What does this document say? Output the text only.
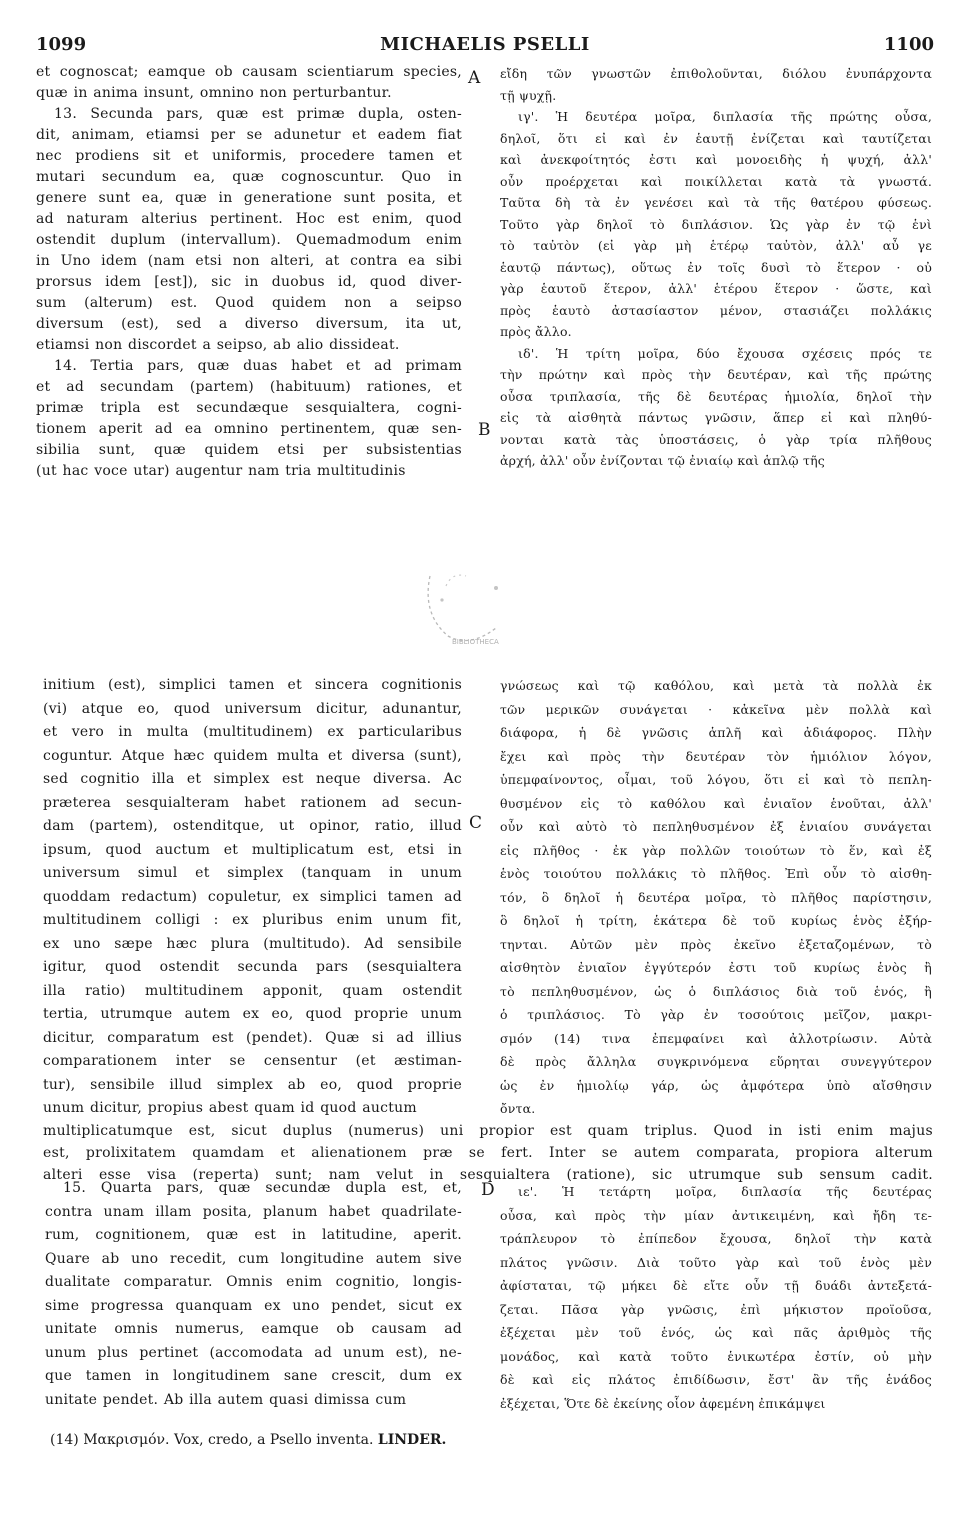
1099	MICHAELIS PSELLI	1100
et cognoscat; eamque ob causam scientiarum species,
quæ in anima insunt, omnino non perturbantur.
13. Secunda pars, quæ est primæ dupla, osten-
dit, animam, etiamsi per se adunetur et eadem fiat
nec prodiens sit et uniformis, procedere tamen et
mutari secundum ea, quæ cognoscuntur. Quo in
genere sunt ea, quæ in generatione sunt posita, et
ad naturam alterius pertinent. Hoc est enim, quod
ostendit duplum (intervallum). Quemadmodum enim
in Uno idem (nam etsi non alteri, at contra ea sibi
prorsus idem [est]), sic in duobus id, quod diver-
sum (alterum) est. Quod quidem non a seipso
diversum (est), sed a diverso diversum, ita ut,
etiamsi non discordet a seipso, ab alio dissideat.
14. Tertia pars, quæ duas habet et ad primam
et ad secundam (partem) (habituum) rationes, et
primæ tripla est secundæque sesquialtera, cogni-
tionem aperit ad ea omnino pertinentem, quæ sen-
sibilia sunt, quæ quidem etsi per subsistentias
(ut hac voce utar) augentur nam tria multitudinis
εἴδη τῶν γνωστῶν ἐπιθολοῦνται, διόλου ἐνυπάρχοντα
τῇ ψυχῇ.
ιγ'. Ἡ δευτέρα μοῖρα, διπλασία τῆς πρώτης οὖσα,
δηλοῖ, ὅτι εἰ καὶ ἐν ἑαυτῇ ἐνίζεται καὶ ταυτίζεται
καὶ ἀνεκφοίτητός ἐστι καὶ μονοειδὴς ἡ ψυχή, ἀλλ'
οὖν προέρχεται καὶ ποικίλλεται κατὰ τὰ γνωστά.
Ταῦτα δὴ τὰ ἐν γενέσει καὶ τὰ τῆς θατέρου φύσεως.
Τοῦτο γὰρ δηλοῖ τὸ διπλάσιον. Ὡς γὰρ ἐν τῷ ἑνὶ
τὸ ταὐτὸν (εἰ γὰρ μὴ ἑτέρῳ ταὐτὸν, ἀλλ' αὖ γε
ἑαυτῷ πάντως), οὕτως ἐν τοῖς δυσὶ τὸ ἕτερον · οὐ
γὰρ ἑαυτοῦ ἕτερον, ἀλλ' ἑτέρου ἕτερον · ὥστε, καὶ
πρὸς ἑαυτὸ ἀστασίαστον μένον, στασιάζει πολλάκις
πρὸς ἄλλο.
ιδ'. Ἡ τρίτη μοῖρα, δύο ἔχουσα σχέσεις πρός τε
τὴν πρώτην καὶ πρὸς τὴν δευτέραν, καὶ τῆς πρώτης
οὖσα τριπλασία, τῆς δὲ δευτέρας ἡμιολία, δηλοῖ τὴν
εἰς τὰ αἰσθητὰ πάντως γνῶσιν, ἅπερ εἰ καὶ πληθύ-
νονται κατὰ τὰς ὑποστάσεις, ὁ γὰρ τρία πλῆθους
ἀρχή, ἀλλ' οὖν ἐνίζονται τῷ ἐνιαίῳ καὶ ἁπλῷ τῆς
A
B
BIBLIOTHECA
initium (est), simplici tamen et sincera cognitionis
(vi) atque eo, quod universum dicitur, adunantur,
et vero in multa (multitudinem) ex particularibus
coguntur. Atque hæc quidem multa et diversa (sunt),
sed cognitio illa et simplex est neque diversa. Ac
præterea sesquialteram habet rationem ad secun-
dam (partem), ostenditque, ut opinor, ratio, illud
ipsum, quod auctum et multiplicatum est, etsi in
universum simul et simplex (tanquam in unum
quoddam redactum) copuletur, ex simplici tamen ad
multitudinem colligi : ex pluribus enim unum fit,
ex uno sæpe hæc plura (multitudo). Ad sensibile
igitur, quod ostendit secunda pars (sesquialtera
illa ratio) multitudinem apponit, quam ostendit
tertia, utrumque autem ex eo, quod proprie unum
dicitur, comparatum est (pendet). Quæ si ad illius
comparationem inter se censentur (et æstiman-
tur), sensibile illud simplex ab eo, quod proprie
unum dicitur, propius abest quam id quod auctum
γνώσεως καὶ τῷ καθόλου, καὶ μετὰ τὰ πολλὰ ἐκ
τῶν μερικῶν συνάγεται · κἀκεῖνα μὲν πολλὰ καὶ
διάφορα, ἡ δὲ γνῶσις ἁπλῆ καὶ ἀδιάφορος. Πλὴν
ἔχει καὶ πρὸς τὴν δευτέραν τὸν ἡμιόλιον λόγον,
ὑπεμφαίνοντος, οἶμαι, τοῦ λόγου, ὅτι εἰ καὶ τὸ πεπλη-
θυσμένον εἰς τὸ καθόλου καὶ ἐνιαῖον ἑνοῦται, ἀλλ'
οὖν καὶ αὐτὸ τὸ πεπληθυσμένον ἐξ ἑνιαίου συνάγεται
εἰς πλῆθος · ἐκ γὰρ πολλῶν τοιούτων τὸ ἕν, καὶ ἐξ
ἑνὸς τοιούτου πολλάκις τὸ πλῆθος. Ἐπὶ οὖν τὸ αἰσθη-
τόν, ὃ δηλοῖ ἡ δευτέρα μοῖρα, τὸ πλῆθος παρίστησιν,
ὃ δηλοῖ ἡ τρίτη, ἑκάτερα δὲ τοῦ κυρίως ἑνὸς ἐξήρ-
τηνται. Αὐτῶν μὲν πρὸς ἐκεῖνο ἐξεταζομένων, τὸ
αἰσθητὸν ἐνιαῖον ἐγγύτερόν ἐστι τοῦ κυρίως ἑνὸς ἢ
τὸ πεπληθυσμένον, ὡς ὁ διπλάσιος διὰ τοῦ ἑνός, ἢ
ὁ τριπλάσιος. Τὸ γὰρ ἐν τοσούτοις μεῖζον, μακρι-
σμόν (14) τινα ἐπεμφαίνει καὶ ἀλλοτρίωσιν. Αὐτὰ
δὲ πρὸς ἄλληλα συγκρινόμενα εὕρηται συνεγγύτερον
ὡς ἐν ἡμιολίῳ γάρ, ὡς ἀμφότερα ὑπὸ αἴσθησιν
ὄντα.
C
multiplicatumque est, sicut duplus (numerus) uni propior est quam triplus. Quod in isti enim majus
est, prolixitatem quamdam et alienationem præ se fert. Inter se autem comparata, propiora alterum
alteri esse visa (reperta) sunt; nam velut in sesquialtera (ratione), sic utrumque sub sensum cadit.
15. Quarta pars, quæ secundæ dupla est, et,
contra unam illam posita, planum habet quadrilate-
rum, cognitionem, quæ est in latitudine, aperit.
Quare ab uno recedit, cum longitudine autem sive
dualitate comparatur. Omnis enim cognitio, longis-
sime progressa quanquam ex uno pendet, sicut ex
unitate omnis numerus, eamque ob causam ad
unum plus pertinet (accomodata ad unum est), ne-
que tamen in longitudinem sane crescit, dum ex
unitate pendet. Ab illa autem quasi dimissa cum
ιε'. Ἡ τετάρτη μοῖρα, διπλασία τῆς δευτέρας
οὖσα, καὶ πρὸς τὴν μίαν ἀντικειμένη, καὶ ἤδη τε-
τράπλευρον τὸ ἐπίπεδον ἔχουσα, δηλοῖ τὴν κατὰ
πλάτος γνῶσιν. Διὰ τοῦτο γὰρ καὶ τοῦ ἑνὸς μὲν
ἀφίσταται, τῷ μήκει δὲ εἴτε οὖν τῇ δυάδι ἀντεξετά-
ζεται. Πᾶσα γὰρ γνῶσις, ἐπὶ μήκιστον προϊοῦσα,
ἐξέχεται μὲν τοῦ ἑνός, ὡς καὶ πᾶς ἀριθμὸς τῆς
μονάδος, καὶ κατὰ τοῦτο ἑνικωτέρα ἐστίν, οὐ μὴν
δὲ καὶ εἰς πλάτος ἐπιδίδωσιν, ἔστ' ἂν τῆς ἑνάδος
ἐξέχεται, Ὅτε δὲ ἐκείνης οἷον ἀφεμένη ἐπικάμψει
D
(14) Μακρισμόν. Vox, credo, a Psello inventa. LINDER.
